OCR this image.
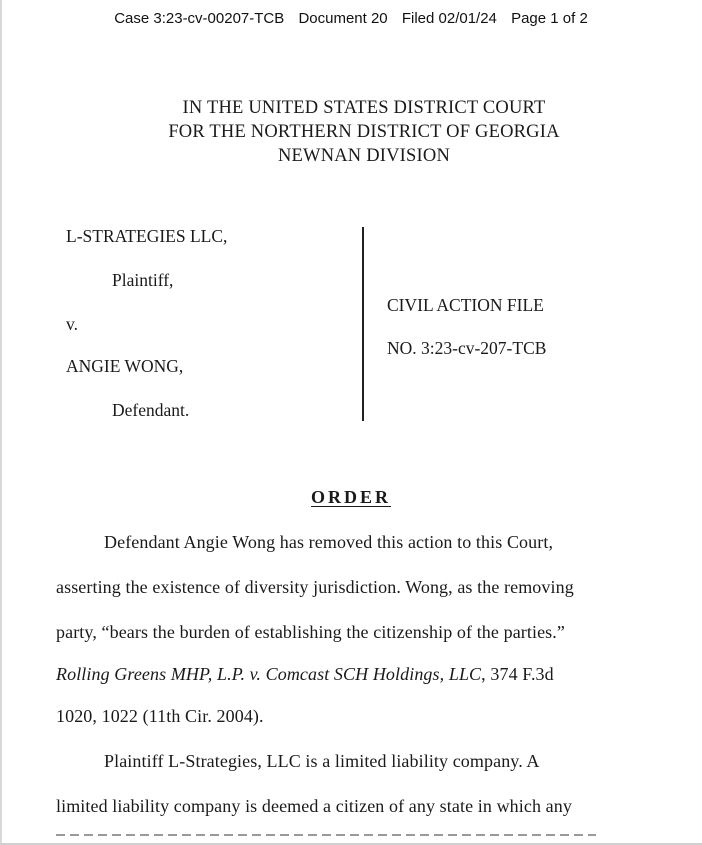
Case 3:23-cv-00207-TCB Document 20 Filed 02/01/24 Page 1 of 2
IN THE UNITED STATES DISTRICT COURT
FOR THE NORTHERN DISTRICT OF GEORGIA
NEWNAN DIVISION
L-STRATEGIES LLC,
Plaintiff,
v.
ANGIE WONG,
Defendant.
CIVIL ACTION FILE
NO. 3:23-cv-207-TCB
ORDER
Defendant Angie Wong has removed this action to this Court,
asserting the existence of diversity jurisdiction. Wong, as the removing
party, “bears the burden of establishing the citizenship of the parties.”
Rolling Greens MHP, L.P. v. Comcast SCH Holdings, LLC, 374 F.3d
1020, 1022 (11th Cir. 2004).
Plaintiff L-Strategies, LLC is a limited liability company. A
limited liability company is deemed a citizen of any state in which any
